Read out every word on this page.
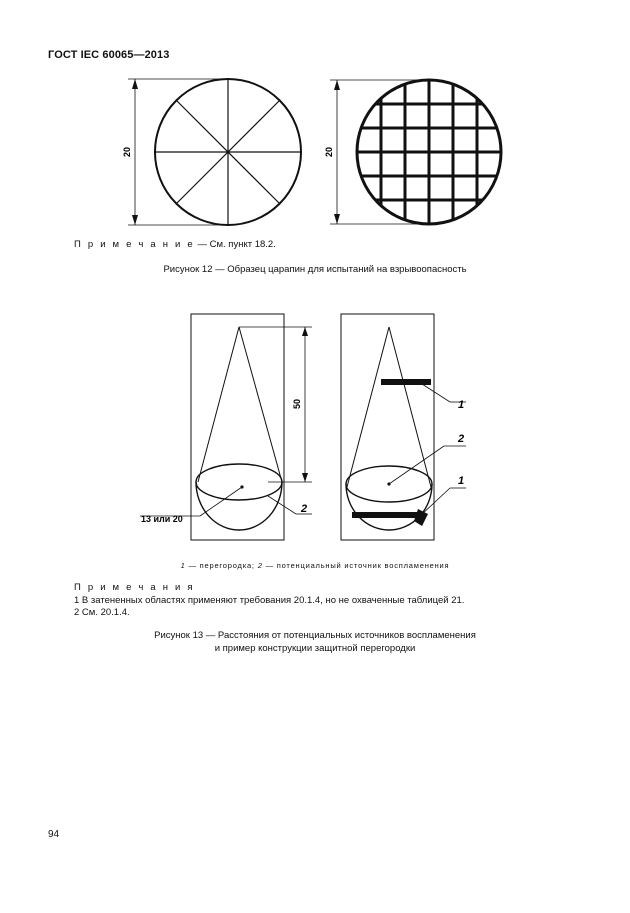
ГОСТ IEC 60065—2013
20	20
50
13 или 20
2
1
2
1
П р и м е ч а н и е — См. пункт 18.2.
Рисунок 12 — Образец царапин для испытаний на взрывоопасность
1 — перегородка; 2 — потенциальный источник воспламенения
П р и м е ч а н и я
1 В затененных областях применяют требования 20.1.4, но не охваченные таблицей 21.
2 См. 20.1.4.
Рисунок 13 — Расстояния от потенциальных источников воспламенения
и пример конструкции защитной перегородки
94
